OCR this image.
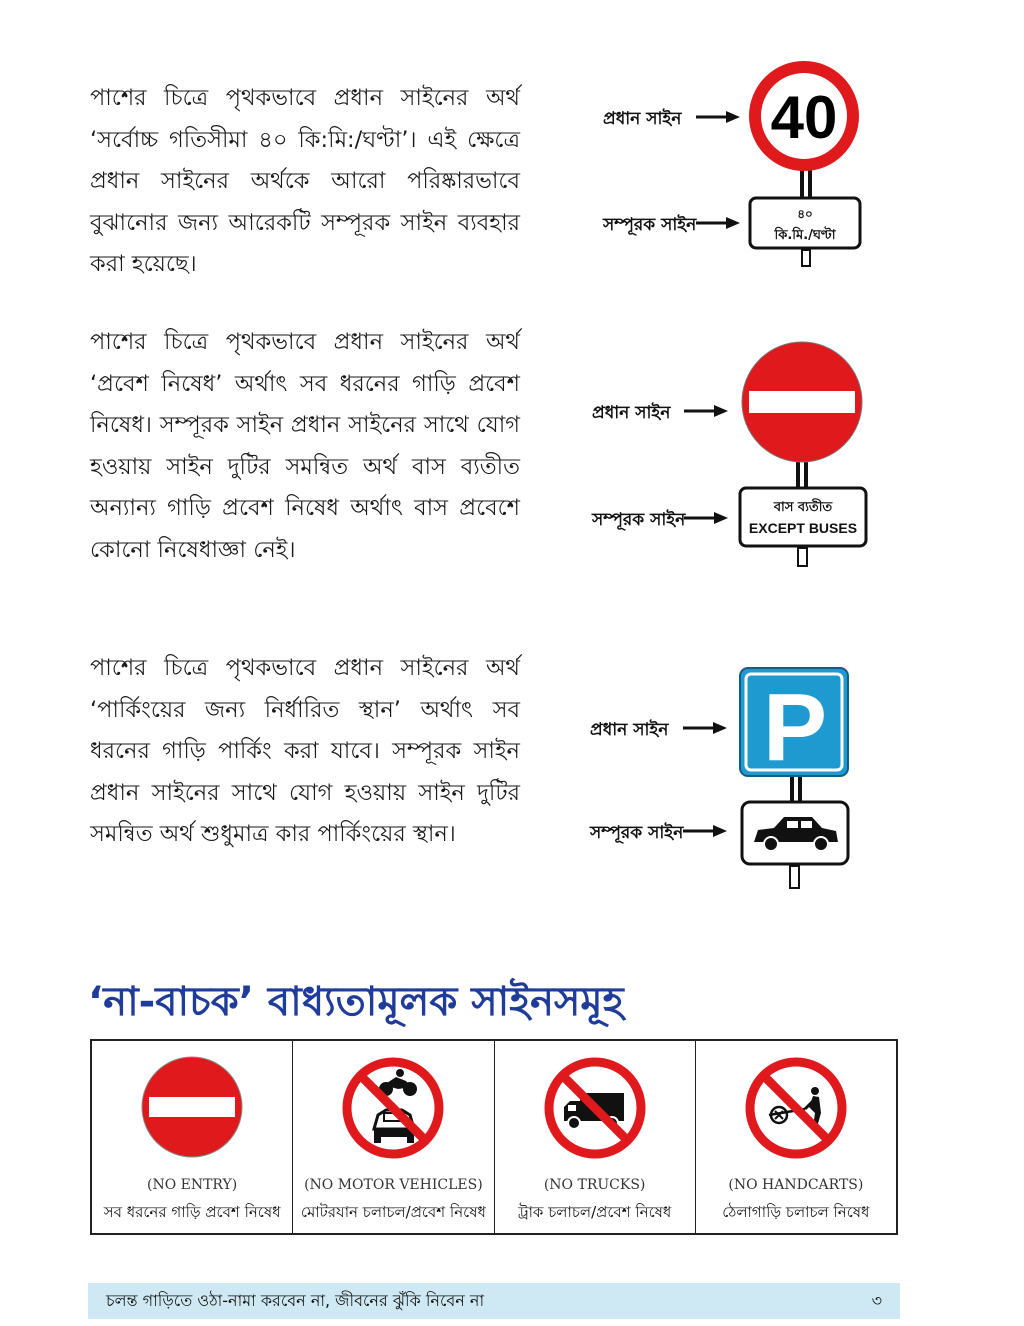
পাশের চিত্রে পৃথকভাবে প্রধান সাইনের অর্থ ‘সর্বোচ্চ গতিসীমা ৪০ কি:মি:/ঘণ্টা’। এই ক্ষেত্রে প্রধান সাইনের অর্থকে আরো পরিষ্কারভাবে বুঝানোর জন্য আরেকটি সম্পূরক সাইন ব্যবহার করা হয়েছে।
পাশের চিত্রে পৃথকভাবে প্রধান সাইনের অর্থ ‘প্রবেশ নিষেধ’ অর্থাৎ সব ধরনের গাড়ি প্রবেশ নিষেধ। সম্পূরক সাইন প্রধান সাইনের সাথে যোগ হওয়ায় সাইন দুটির সমন্বিত অর্থ বাস ব্যতীত অন্যান্য গাড়ি প্রবেশ নিষেধ অর্থাৎ বাস প্রবেশে কোনো নিষেধাজ্ঞা নেই।
পাশের চিত্রে পৃথকভাবে প্রধান সাইনের অর্থ ‘পার্কিংয়ের জন্য নির্ধারিত স্থান’ অর্থাৎ সব ধরনের গাড়ি পার্কিং করা যাবে। সম্পূরক সাইন প্রধান সাইনের সাথে যোগ হওয়ায় সাইন দুটির সমন্বিত অর্থ শুধুমাত্র কার পার্কিংয়ের স্থান।
প্রধান সাইন 40
৪০
কি.মি./ঘণ্টা
সম্পূরক সাইন
প্রধান সাইন
বাস ব্যতীত
EXCEPT BUSES
সম্পূরক সাইন
প্রধান সাইন P
সম্পূরক সাইন
‘না-বাচক’ বাধ্যতামূলক সাইনসমূহ
(NO ENTRY)
সব ধরনের গাড়ি প্রবেশ নিষেধ
(NO MOTOR VEHICLES)
মোটরযান চলাচল/প্রবেশ নিষেধ
(NO TRUCKS)
ট্রাক চলাচল/প্রবেশ নিষেধ
(NO HANDCARTS)
ঠেলাগাড়ি চলাচল নিষেধ
চলন্ত গাড়িতে ওঠা-নামা করবেন না, জীবনের ঝুঁকি নিবেন না	৩
